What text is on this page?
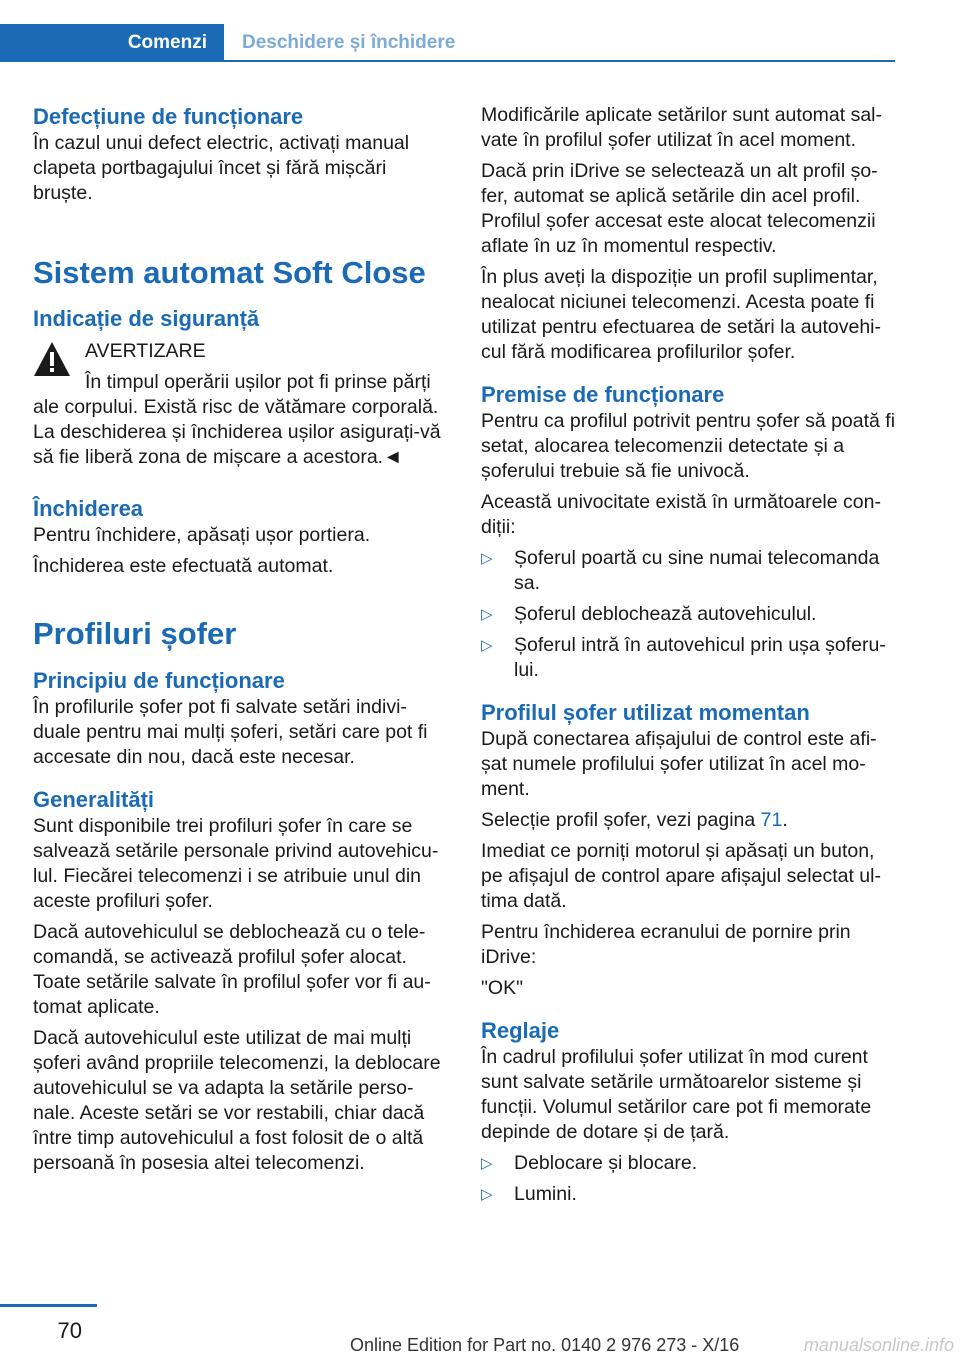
Comenzi	Deschidere și închidere
Defecțiune de funcționare
În cazul unui defect electric, activați manual clapeta portbagajului încet și fără mișcări bruște.
Sistem automat Soft Close
Indicație de siguranță
AVERTIZARE
În timpul operării ușilor pot fi prinse părți
ale corpului. Există risc de vătămare corporală. La deschiderea și închiderea ușilor asigurați-vă să fie liberă zona de mișcare a acestora.◄
Închiderea
Pentru închidere, apăsați ușor portiera.
Închiderea este efectuată automat.
Profiluri șofer
Principiu de funcționare
În profilurile șofer pot fi salvate setări indivi-duale pentru mai mulți șoferi, setări care pot fi accesate din nou, dacă este necesar.
Generalități
Sunt disponibile trei profiluri șofer în care se salvează setările personale privind autovehicu-lul. Fiecărei telecomenzi i se atribuie unul din aceste profiluri șofer.
Dacă autovehiculul se deblochează cu o tele-comandă, se activează profilul șofer alocat. Toate setările salvate în profilul șofer vor fi au-tomat aplicate.
Dacă autovehiculul este utilizat de mai mulți șoferi având propriile telecomenzi, la deblocare autovehiculul se va adapta la setările perso-nale. Aceste setări se vor restabili, chiar dacă între timp autovehiculul a fost folosit de o altă persoană în posesia altei telecomenzi.
Modificările aplicate setărilor sunt automat sal-vate în profilul șofer utilizat în acel moment.
Dacă prin iDrive se selectează un alt profil șo-fer, automat se aplică setările din acel profil. Profilul șofer accesat este alocat telecomenzii aflate în uz în momentul respectiv.
În plus aveți la dispoziție un profil suplimentar, nealocat niciunei telecomenzi. Acesta poate fi utilizat pentru efectuarea de setări la autovehi-cul fără modificarea profilurilor șofer.
Premise de funcționare
Pentru ca profilul potrivit pentru șofer să poată fi setat, alocarea telecomenzii detectate și a șoferului trebuie să fie univocă.
Această univocitate există în următoarele con-diții:
▷ Șoferul poartă cu sine numai telecomanda sa.
▷ Șoferul deblochează autovehiculul.
▷ Șoferul intră în autovehicul prin ușa șoferu-lui.
Profilul șofer utilizat momentan
După conectarea afișajului de control este afi-șat numele profilului șofer utilizat în acel mo-ment.
Selecție profil șofer, vezi pagina 71.
Imediat ce porniți motorul și apăsați un buton, pe afișajul de control apare afișajul selectat ul-tima dată.
Pentru închiderea ecranului de pornire prin iDrive:
"OK"
Reglaje
În cadrul profilului șofer utilizat în mod curent sunt salvate setările următoarelor sisteme și funcții. Volumul setărilor care pot fi memorate depinde de dotare și de țară.
▷ Deblocare și blocare.
▷ Lumini.
70
Online Edition for Part no. 0140 2 976 273 - X/16	manualsonline.info
